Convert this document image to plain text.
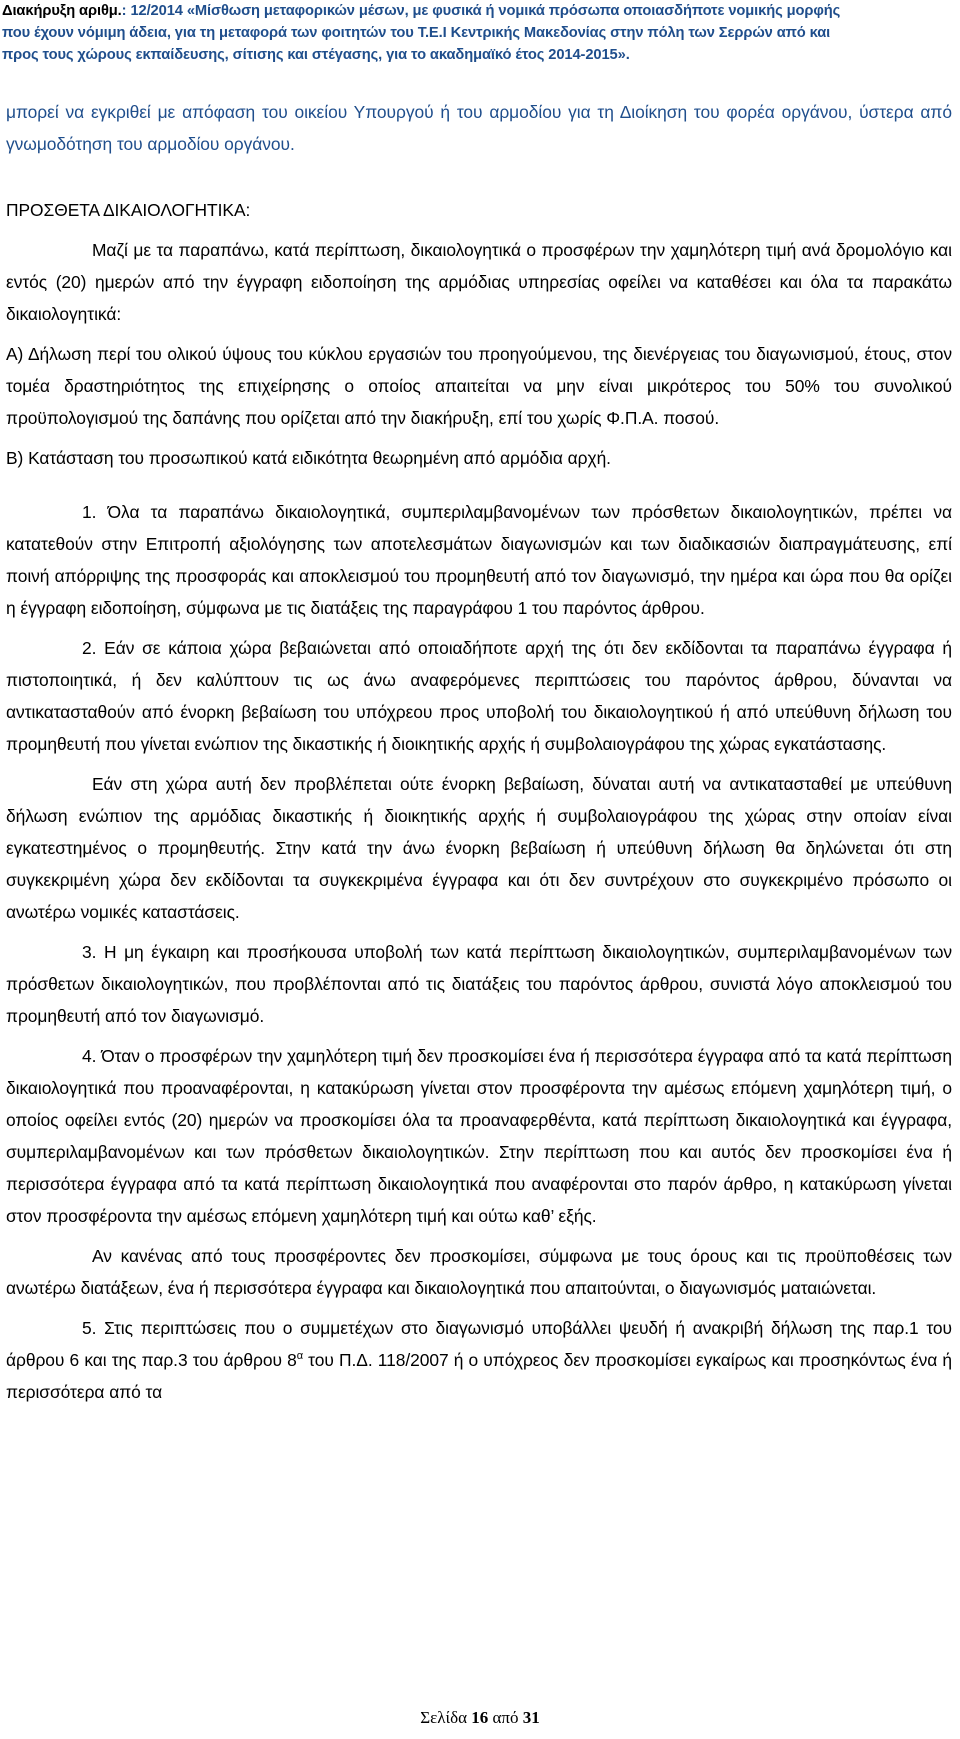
Διακήρυξη αριθμ.: 12/2014 «Μίσθωση μεταφορικών μέσων, με φυσικά ή νομικά πρόσωπα οποιασδήποτε νομικής μορφής
που έχουν νόμιμη άδεια, για τη μεταφορά των φοιτητών του Τ.Ε.Ι Κεντρικής Μακεδονίας στην πόλη των Σερρών από και
προς τους χώρους εκπαίδευσης, σίτισης και στέγασης, για το ακαδημαϊκό έτος 2014-2015».

μπορεί να εγκριθεί με απόφαση του οικείου Υπουργού ή του αρμοδίου για τη Διοίκηση του φορέα οργάνου, ύστερα από γνωμοδότηση του αρμοδίου οργάνου.

ΠΡΟΣΘΕΤΑ ΔΙΚΑΙΟΛΟΓΗΤΙΚΑ:

Μαζί με τα παραπάνω, κατά περίπτωση, δικαιολογητικά ο προσφέρων την χαμηλότερη τιμή ανά δρομολόγιο και εντός (20) ημερών από την έγγραφη ειδοποίηση της αρμόδιας υπηρεσίας οφείλει να καταθέσει και όλα τα παρακάτω δικαιολογητικά:

Α) Δήλωση περί του ολικού ύψους του κύκλου εργασιών του προηγούμενου, της διενέργειας του διαγωνισμού, έτους, στον τομέα δραστηριότητος της επιχείρησης ο οποίος απαιτείται να μην είναι μικρότερος του 50% του συνολικού προϋπολογισμού της δαπάνης που ορίζεται από την διακήρυξη, επί του χωρίς Φ.Π.Α. ποσού.

Β) Κατάσταση του προσωπικού κατά ειδικότητα θεωρημένη από αρμόδια αρχή.

1. Όλα τα παραπάνω δικαιολογητικά, συμπεριλαμβανομένων των πρόσθετων δικαιολογητικών, πρέπει να κατατεθούν στην Επιτροπή αξιολόγησης των αποτελεσμάτων διαγωνισμών και των διαδικασιών διαπραγμάτευσης, επί ποινή απόρριψης της προσφοράς και αποκλεισμού του προμηθευτή από τον διαγωνισμό, την ημέρα και ώρα που θα ορίζει η έγγραφη ειδοποίηση, σύμφωνα με τις διατάξεις της παραγράφου 1 του παρόντος άρθρου.

2. Εάν σε κάποια χώρα βεβαιώνεται από οποιαδήποτε αρχή της ότι δεν εκδίδονται τα παραπάνω έγγραφα ή πιστοποιητικά, ή δεν καλύπτουν τις ως άνω αναφερόμενες περιπτώσεις του παρόντος άρθρου, δύνανται να αντικατασταθούν από ένορκη βεβαίωση του υπόχρεου προς υποβολή του δικαιολογητικού ή από υπεύθυνη δήλωση του προμηθευτή που γίνεται ενώπιον της δικαστικής ή διοικητικής αρχής ή συμβολαιογράφου της χώρας εγκατάστασης.

Εάν στη χώρα αυτή δεν προβλέπεται ούτε ένορκη βεβαίωση, δύναται αυτή να αντικατασταθεί με υπεύθυνη δήλωση ενώπιον της αρμόδιας δικαστικής ή διοικητικής αρχής ή συμβολαιογράφου της χώρας στην οποίαν είναι εγκατεστημένος ο προμηθευτής. Στην κατά την άνω ένορκη βεβαίωση ή υπεύθυνη δήλωση θα δηλώνεται ότι στη συγκεκριμένη χώρα δεν εκδίδονται τα συγκεκριμένα έγγραφα και ότι δεν συντρέχουν στο συγκεκριμένο πρόσωπο οι ανωτέρω νομικές καταστάσεις.

3. Η μη έγκαιρη και προσήκουσα υποβολή των κατά περίπτωση δικαιολογητικών, συμπεριλαμβανομένων των πρόσθετων δικαιολογητικών, που προβλέπονται από τις διατάξεις του παρόντος άρθρου, συνιστά λόγο αποκλεισμού του προμηθευτή από τον διαγωνισμό.

4. Όταν ο προσφέρων την χαμηλότερη τιμή δεν προσκομίσει ένα ή περισσότερα έγγραφα από τα κατά περίπτωση δικαιολογητικά που προαναφέρονται, η κατακύρωση γίνεται στον προσφέροντα την αμέσως επόμενη χαμηλότερη τιμή, ο οποίος οφείλει εντός (20) ημερών να προσκομίσει όλα τα προαναφερθέντα, κατά περίπτωση δικαιολογητικά και έγγραφα, συμπεριλαμβανομένων και των πρόσθετων δικαιολογητικών. Στην περίπτωση που και αυτός δεν προσκομίσει ένα ή περισσότερα έγγραφα από τα κατά περίπτωση δικαιολογητικά που αναφέρονται στο παρόν άρθρο, η κατακύρωση γίνεται στον προσφέροντα την αμέσως επόμενη χαμηλότερη τιμή και ούτω καθ’ εξής.

Αν κανένας από τους προσφέροντες δεν προσκομίσει, σύμφωνα με τους όρους και τις προϋποθέσεις των ανωτέρω διατάξεων, ένα ή περισσότερα έγγραφα και δικαιολογητικά που απαιτούνται, ο διαγωνισμός ματαιώνεται.

5. Στις περιπτώσεις που ο συμμετέχων στο διαγωνισμό υποβάλλει ψευδή ή ανακριβή δήλωση της παρ.1 του άρθρου 6 και της παρ.3 του άρθρου $8^\alpha$ του Π.Δ. 118/2007 ή ο υπόχρεος δεν προσκομίσει εγκαίρως και προσηκόντως ένα ή περισσότερα από τα

Σελίδα 16 από 31
